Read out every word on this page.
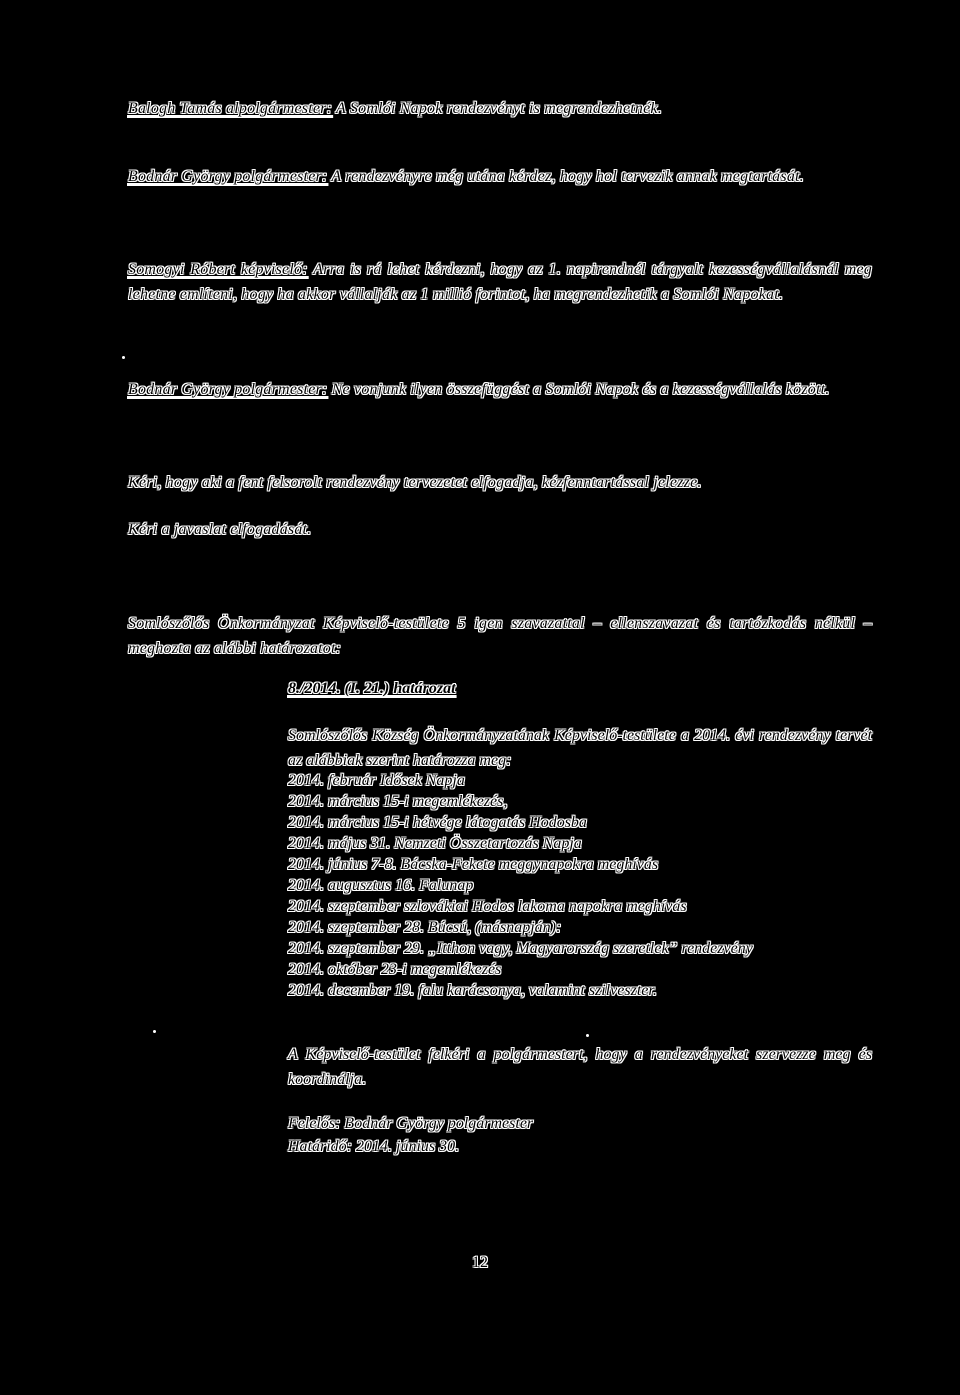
Balogh Tamás alpolgármester: A Somlói Napok rendezvényt is megrendezhetnék.
Bodnár György polgármester: A rendezvényre még utána kérdez, hogy hol tervezik annak megtartását.
Somogyi Róbert képviselő: Arra is rá lehet kérdezni, hogy az 1. napirendnél tárgyalt kezességvállalásnál meg lehetne említeni, hogy ha akkor vállalják az 1 millió forintot, ha megrendezhetik a Somlói Napokat.
Bodnár György polgármester: Ne vonjunk ilyen összefüggést a Somlói Napok és a kezességvállalás között.
Kéri, hogy aki a fent felsorolt rendezvény tervezetet elfogadja, kézfenntartással jelezze.
Kéri a javaslat elfogadását.
Somlószőlős Önkormányzat Képviselő-testülete 5 igen szavazattal – ellenszavazat és tartózkodás nélkül – meghozta az alábbi határozatot:
8./2014. (I. 21.) határozat
Somlószőlős Község Önkormányzatának Képviselő-testülete a 2014. évi rendezvény tervét az alábbiak szerint határozza meg:
2014. február Idősek Napja
2014. március 15-i megemlékezés,
2014. március 15-i hétvége látogatás Hodosba
2014. május 31. Nemzeti Összetartozás Napja
2014. június 7-8. Bácska-Fekete meggynapokra meghívás
2014. augusztus 16. Falunap
2014. szeptember szlovákiai Hodos lakoma napokra meghívás
2014. szeptember 28. Búcsú, (másnapján):
2014. szeptember 29. „Itthon vagy, Magyarország szeretlek” rendezvény
2014. október 23-i megemlékezés
2014. december 19. falu karácsonya, valamint szilveszter.
A Képviselő-testület felkéri a polgármestert, hogy a rendezvényeket szervezze meg és koordinálja.
Felelős: Bodnár György polgármester
Határidő: 2014. június 30.
12
